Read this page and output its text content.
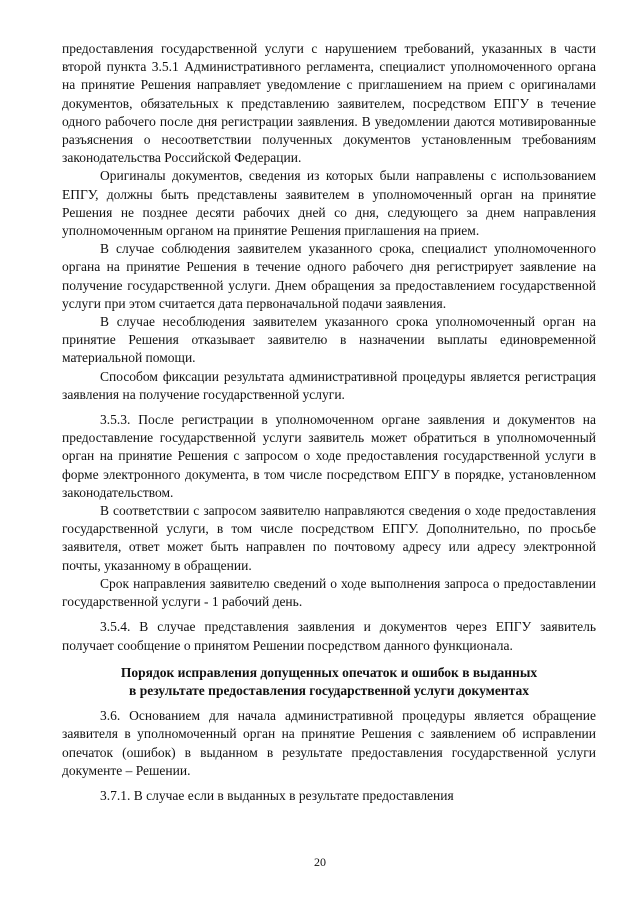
предоставления государственной услуги с нарушением требований, указанных в части второй пункта 3.5.1 Административного регламента, специалист уполномоченного органа на принятие Решения направляет уведомление с приглашением на прием с оригиналами документов, обязательных к представлению заявителем, посредством ЕПГУ в течение одного рабочего после дня регистрации заявления. В уведомлении даются мотивированные разъяснения о несоответствии полученных документов установленным требованиям законодательства Российской Федерации.

Оригиналы документов, сведения из которых были направлены с использованием ЕПГУ, должны быть представлены заявителем в уполномоченный орган на принятие Решения не позднее десяти рабочих дней со дня, следующего за днем направления уполномоченным органом на принятие Решения приглашения на прием.

В случае соблюдения заявителем указанного срока, специалист уполномоченного органа на принятие Решения в течение одного рабочего дня регистрирует заявление на получение государственной услуги. Днем обращения за предоставлением государственной услуги при этом считается дата первоначальной подачи заявления.

В случае несоблюдения заявителем указанного срока уполномоченный орган на принятие Решения отказывает заявителю в назначении выплаты единовременной материальной помощи.

Способом фиксации результата административной процедуры является регистрация заявления на получение государственной услуги.

3.5.3. После регистрации в уполномоченном органе заявления и документов на предоставление государственной услуги заявитель может обратиться в уполномоченный орган на принятие Решения с запросом о ходе предоставления государственной услуги в форме электронного документа, в том числе посредством ЕПГУ в порядке, установленном законодательством.

В соответствии с запросом заявителю направляются сведения о ходе предоставления государственной услуги, в том числе посредством ЕПГУ. Дополнительно, по просьбе заявителя, ответ может быть направлен по почтовому адресу или адресу электронной почты, указанному в обращении.

Срок направления заявителю сведений о ходе выполнения запроса о предоставлении государственной услуги - 1 рабочий день.

3.5.4. В случае представления заявления и документов через ЕПГУ заявитель получает сообщение о принятом Решении посредством данного функционала.

Порядок исправления допущенных опечаток и ошибок в выданных
в результате предоставления государственной услуги документах

3.6. Основанием для начала административной процедуры является обращение заявителя в уполномоченный орган на принятие Решения с заявлением об исправлении опечаток (ошибок) в выданном в результате предоставления государственной услуги документе – Решении.

3.7.1. В случае если в выданных в результате предоставления

20
